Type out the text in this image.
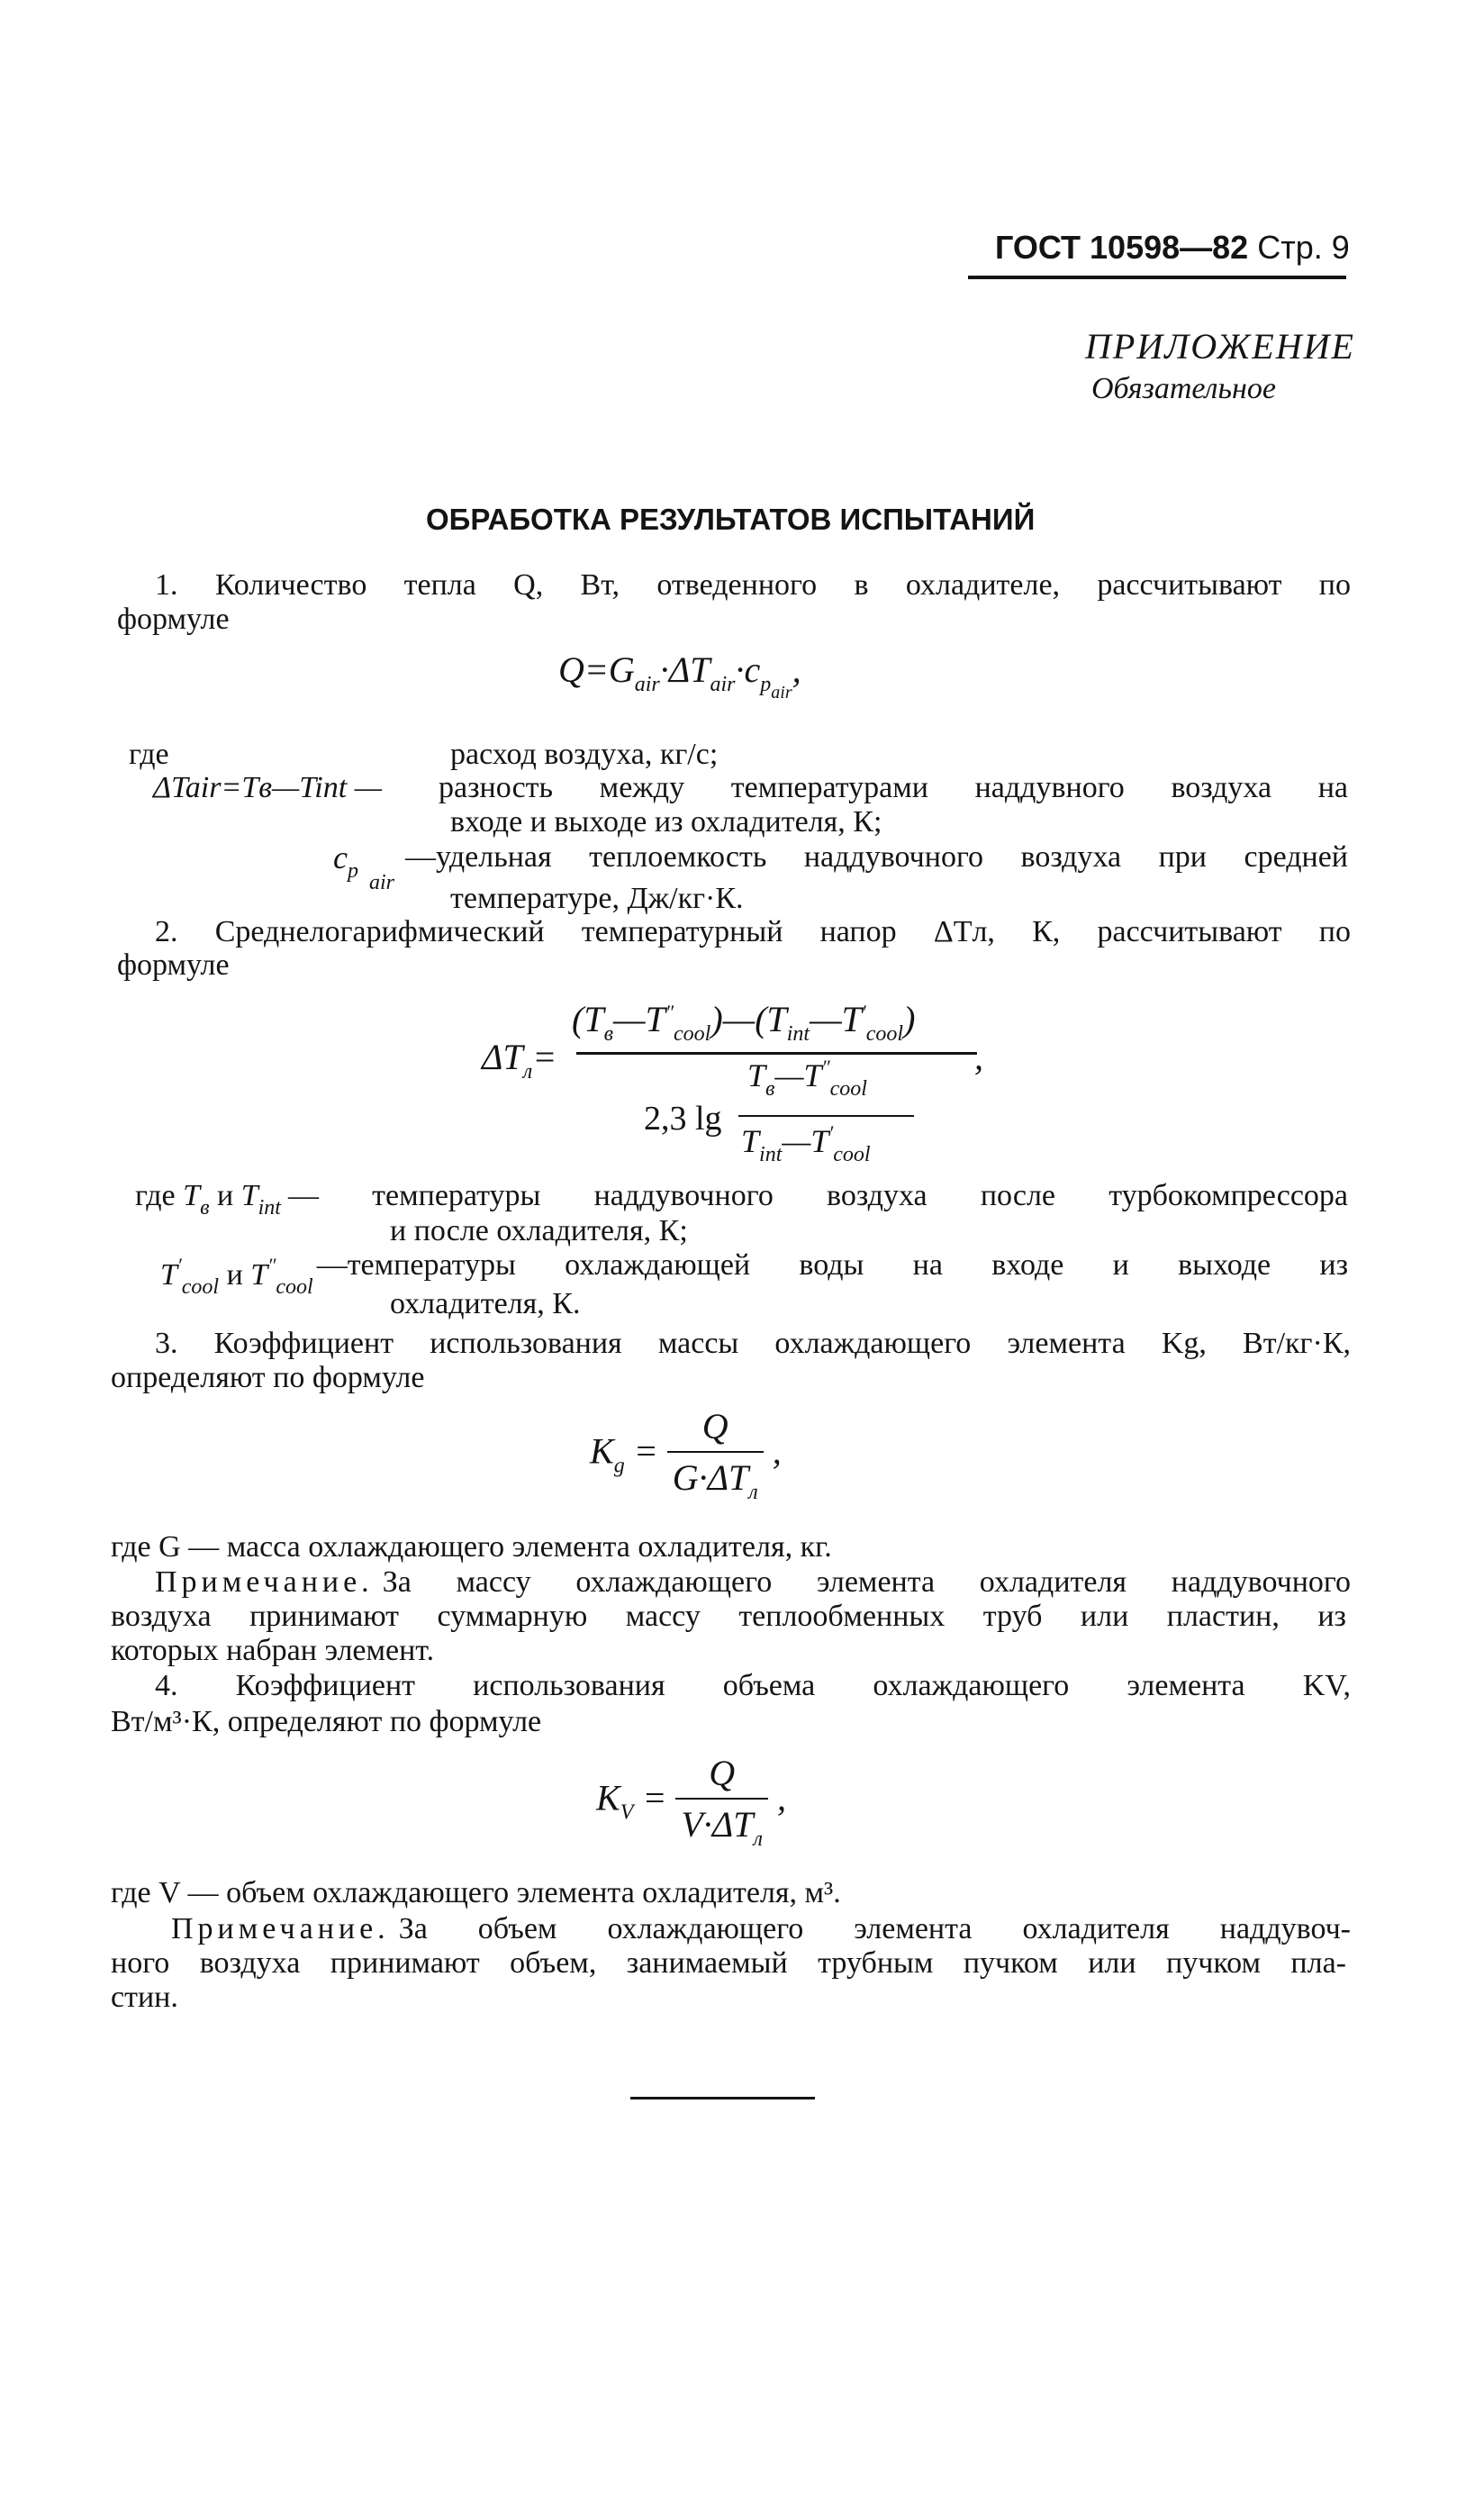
ГОСТ 10598—82 Стр. 9
ПРИЛОЖЕНИЕ
Обязательное
ОБРАБОТКА РЕЗУЛЬТАТОВ ИСПЫТАНИЙ
1. Количество тепла Q, Вт, отведенного в охладителе, рассчитывают по
формуле
$Q=G_{air}\cdot\Delta T_{air}\cdot c_{p_{air}}$,
где	расход воздуха, кг/с;
ΔTair=Tв—Tint — разность между температурами наддувного воздуха на
входе и выходе из охладителя, К;
$c_p$ air
—удельная теплоемкость наддувочного воздуха при средней
температуре, Дж/кг·К.
2. Среднелогарифмический температурный напор ΔTл, К, рассчитывают по
формуле
$\Delta T_л=$
$(T_в—T''_{cool})—(T_{int}—T'_{cool})$
,
2,3 lg
$T_в—T''_{cool}$
$T_{int}—T'_{cool}$
где $T_в$ и $T_{int}$ — температуры наддувочного воздуха после турбокомпрессора
и после охладителя, К;
$T'_{cool}$ и $T''_{cool}$
—температуры охлаждающей воды на входе и выходе из
охладителя, К.
3. Коэффициент использования массы охлаждающего элемента Kg, Вт/кг·К,
определяют по формуле
$K_g = \frac{Q}{G\cdot\Delta T_л}$ ,
где G — масса охлаждающего элемента охладителя, кг.
Примечание. За массу охлаждающего элемента охладителя наддувочного
воздуха принимают суммарную массу теплообменных труб или пластин, из
которых набран элемент.
4. Коэффициент использования объема охлаждающего элемента KV,
Вт/м³·К, определяют по формуле
$K_V = \frac{Q}{V\cdot\Delta T_л}$ ,
где V — объем охлаждающего элемента охладителя, м³.
Примечание. За объем охлаждающего элемента охладителя наддувоч-
ного воздуха принимают объем, занимаемый трубным пучком или пучком пла-
стин.
